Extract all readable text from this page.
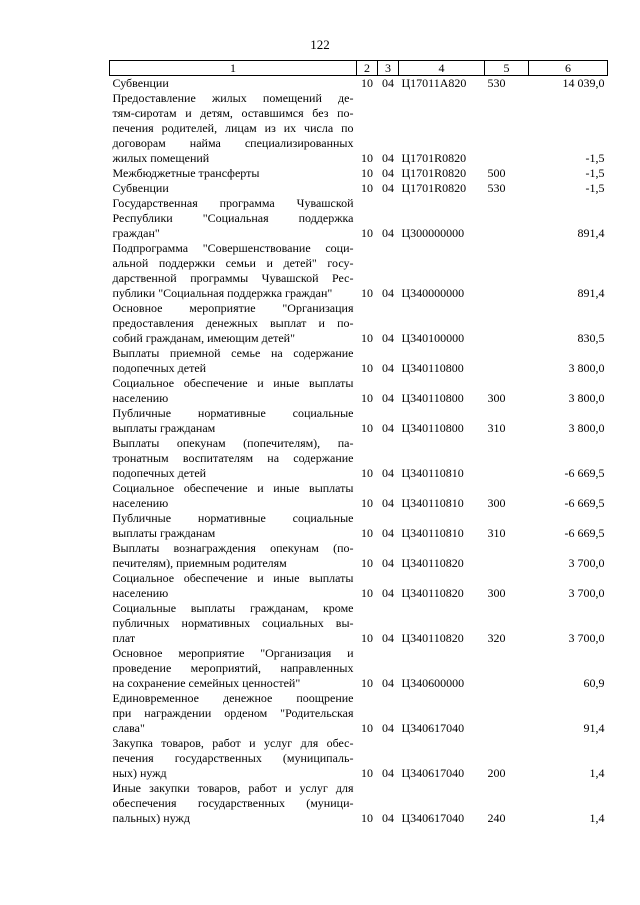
122
1	2	3	4	5	6
Субвенции	10	04	Ц17011А820	530	14 039,0

Предоставление жилых помещений де-
тям-сиротам и детям, оставшимся без по-
печения родителей, лицам из их числа по
договорам найма специализированных
жилых помещений	10	04	Ц1701R0820		-1,5
Межбюджетные трансферты	10	04	Ц1701R0820	500	-1,5
Субвенции	10	04	Ц1701R0820	530	-1,5

Государственная программа Чувашской
Республики "Социальная поддержка
граждан"	10	04	Ц300000000		891,4

Подпрограмма "Совершенствование соци-
альной поддержки семьи и детей" госу-
дарственной программы Чувашской Рес-
публики "Социальная поддержка граждан"	10	04	Ц340000000		891,4

Основное мероприятие "Организация
предоставления денежных выплат и по-
собий гражданам, имеющим детей"	10	04	Ц340100000		830,5

Выплаты приемной семье на содержание
подопечных детей	10	04	Ц340110800		3 800,0

Социальное обеспечение и иные выплаты
населению	10	04	Ц340110800	300	3 800,0

Публичные нормативные социальные
выплаты гражданам	10	04	Ц340110800	310	3 800,0

Выплаты опекунам (попечителям), па-
тронатным воспитателям на содержание
подопечных детей	10	04	Ц340110810		-6 669,5

Социальное обеспечение и иные выплаты
населению	10	04	Ц340110810	300	-6 669,5

Публичные нормативные социальные
выплаты гражданам	10	04	Ц340110810	310	-6 669,5

Выплаты вознаграждения опекунам (по-
печителям), приемным родителям	10	04	Ц340110820		3 700,0

Социальное обеспечение и иные выплаты
населению	10	04	Ц340110820	300	3 700,0

Социальные выплаты гражданам, кроме
публичных нормативных социальных вы-
плат	10	04	Ц340110820	320	3 700,0

Основное мероприятие "Организация и
проведение мероприятий, направленных
на сохранение семейных ценностей"	10	04	Ц340600000		60,9

Единовременное денежное поощрение
при награждении орденом "Родительская
слава"	10	04	Ц340617040		91,4

Закупка товаров, работ и услуг для обес-
печения государственных (муниципаль-
ных) нужд	10	04	Ц340617040	200	1,4

Иные закупки товаров, работ и услуг для
обеспечения государственных (муници-
пальных) нужд	10	04	Ц340617040	240	1,4
